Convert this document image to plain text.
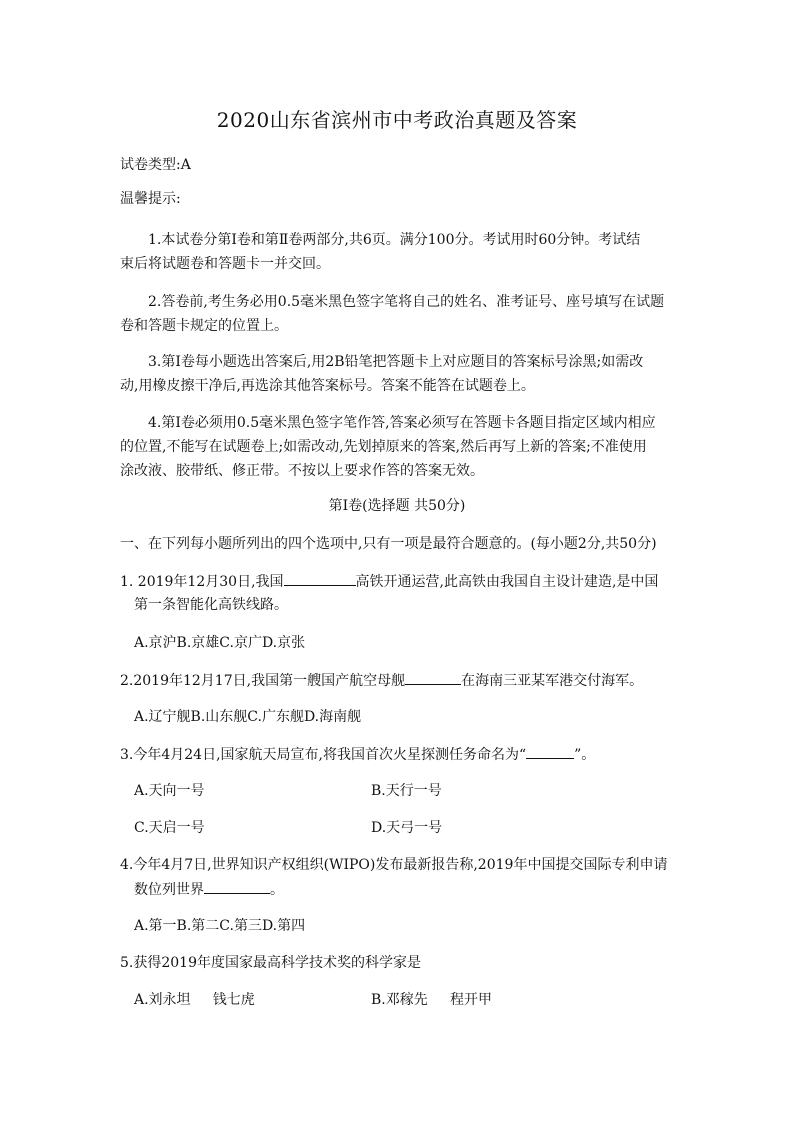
2020山东省滨州市中考政治真题及答案
试卷类型:A
温馨提示:
1.本试卷分第Ⅰ卷和第Ⅱ卷两部分,共6页。满分100分。考试用时60分钟。考试结
束后将试题卷和答题卡一并交回。
2.答卷前,考生务必用0.5毫米黑色签字笔将自己的姓名、准考证号、座号填写在试题
卷和答题卡规定的位置上。
3.第Ⅰ卷每小题选出答案后,用2B铅笔把答题卡上对应题目的答案标号涂黑;如需改
动,用橡皮擦干净后,再选涂其他答案标号。答案不能答在试题卷上。
4.第Ⅰ卷必须用0.5毫米黑色签字笔作答,答案必须写在答题卡各题目指定区域内相应
的位置,不能写在试题卷上;如需改动,先划掉原来的答案,然后再写上新的答案;不准使用
涂改液、胶带纸、修正带。不按以上要求作答的答案无效。
第Ⅰ卷(选择题 共50分)
一、在下列每小题所列出的四个选项中,只有一项是最符合题意的。(每小题2分,共50分)
1. 2019年12月30日,我国	高铁开通运营,此高铁由我国自主设计建造,是中国
第一条智能化高铁线路。
A.京沪B.京雄C.京广D.京张
2.2019年12月17日,我国第一艘国产航空母舰	在海南三亚某军港交付海军。
A.辽宁舰B.山东舰C.广东舰D.海南舰
3.今年4月24日,国家航天局宣布,将我国首次火星探测任务命名为“	”。
A.天向一号	B.天行一号
C.天启一号	D.天弓一号
4.今年4月7日,世界知识产权组织(WIPO)发布最新报告称,2019年中国提交国际专利申请
数位列世界	。
A.第一B.第二C.第三D.第四
5.获得2019年度国家最高科学技术奖的科学家是
A.刘永坦     钱七虎	B.邓稼先     程开甲
